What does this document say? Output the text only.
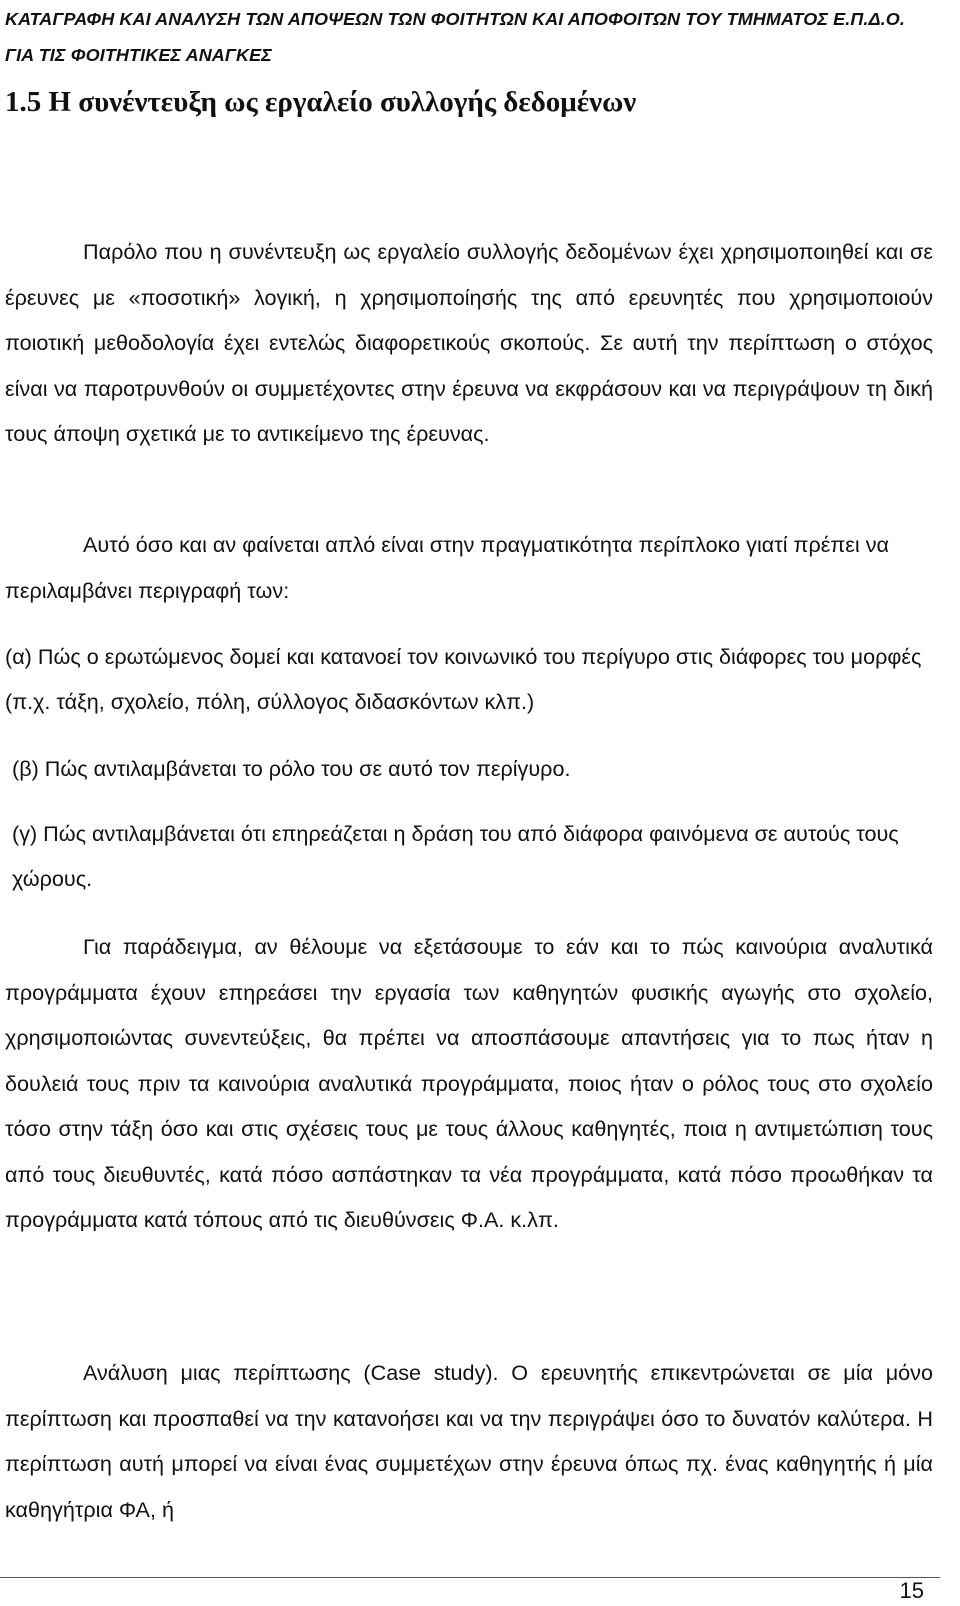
ΚΑΤΑΓΡΑΦΗ ΚΑΙ ΑΝΑΛΥΣΗ ΤΩΝ ΑΠΟΨΕΩΝ ΤΩΝ ΦΟΙΤΗΤΩΝ ΚΑΙ ΑΠΟΦΟΙΤΩΝ ΤΟΥ ΤΜΗΜΑΤΟΣ Ε.Π.Δ.Ο. ΓΙΑ ΤΙΣ ΦΟΙΤΗΤΙΚΕΣ ΑΝΑΓΚΕΣ

1.5 Η συνέντευξη ως εργαλείο συλλογής δεδομένων

Παρόλο που η συνέντευξη ως εργαλείο συλλογής δεδομένων έχει χρησιμοποιηθεί και σε έρευνες με «ποσοτική» λογική, η χρησιμοποίησής της από ερευνητές που χρησιμοποιούν ποιοτική μεθοδολογία έχει εντελώς διαφορετικούς σκοπούς. Σε αυτή την περίπτωση ο στόχος είναι να παροτρυνθούν οι συμμετέχοντες στην έρευνα να εκφράσουν και να περιγράψουν τη δική τους άποψη σχετικά με το αντικείμενο της έρευνας.

Αυτό όσο και αν φαίνεται απλό είναι στην πραγματικότητα περίπλοκο γιατί πρέπει να περιλαμβάνει περιγραφή των:

(α) Πώς ο ερωτώμενος δομεί και κατανοεί τον κοινωνικό του περίγυρο στις διάφορες του μορφές (π.χ. τάξη, σχολείο, πόλη, σύλλογος διδασκόντων κλπ.)

(β) Πώς αντιλαμβάνεται το ρόλο του σε αυτό τον περίγυρο.

(γ) Πώς αντιλαμβάνεται ότι επηρεάζεται η δράση του από διάφορα φαινόμενα σε αυτούς τους χώρους.

Για παράδειγμα, αν θέλουμε να εξετάσουμε το εάν και το πώς καινούρια αναλυτικά προγράμματα έχουν επηρεάσει την εργασία των καθηγητών φυσικής αγωγής στο σχολείο, χρησιμοποιώντας συνεντεύξεις, θα πρέπει να αποσπάσουμε απαντήσεις για το πως ήταν η δουλειά τους πριν τα καινούρια αναλυτικά προγράμματα, ποιος ήταν ο ρόλος τους στο σχολείο τόσο στην τάξη όσο και στις σχέσεις τους με τους άλλους καθηγητές, ποια η αντιμετώπιση τους από τους διευθυντές, κατά πόσο ασπάστηκαν τα νέα προγράμματα, κατά πόσο προωθήκαν τα προγράμματα κατά τόπους από τις διευθύνσεις Φ.Α. κ.λπ.

Ανάλυση μιας περίπτωσης (Case study). Ο ερευνητής επικεντρώνεται σε μία μόνο περίπτωση και προσπαθεί να την κατανοήσει και να την περιγράψει όσο το δυνατόν καλύτερα. Η περίπτωση αυτή μπορεί να είναι ένας συμμετέχων στην έρευνα όπως πχ. ένας καθηγητής ή μία καθηγήτρια ΦΑ, ή

15
